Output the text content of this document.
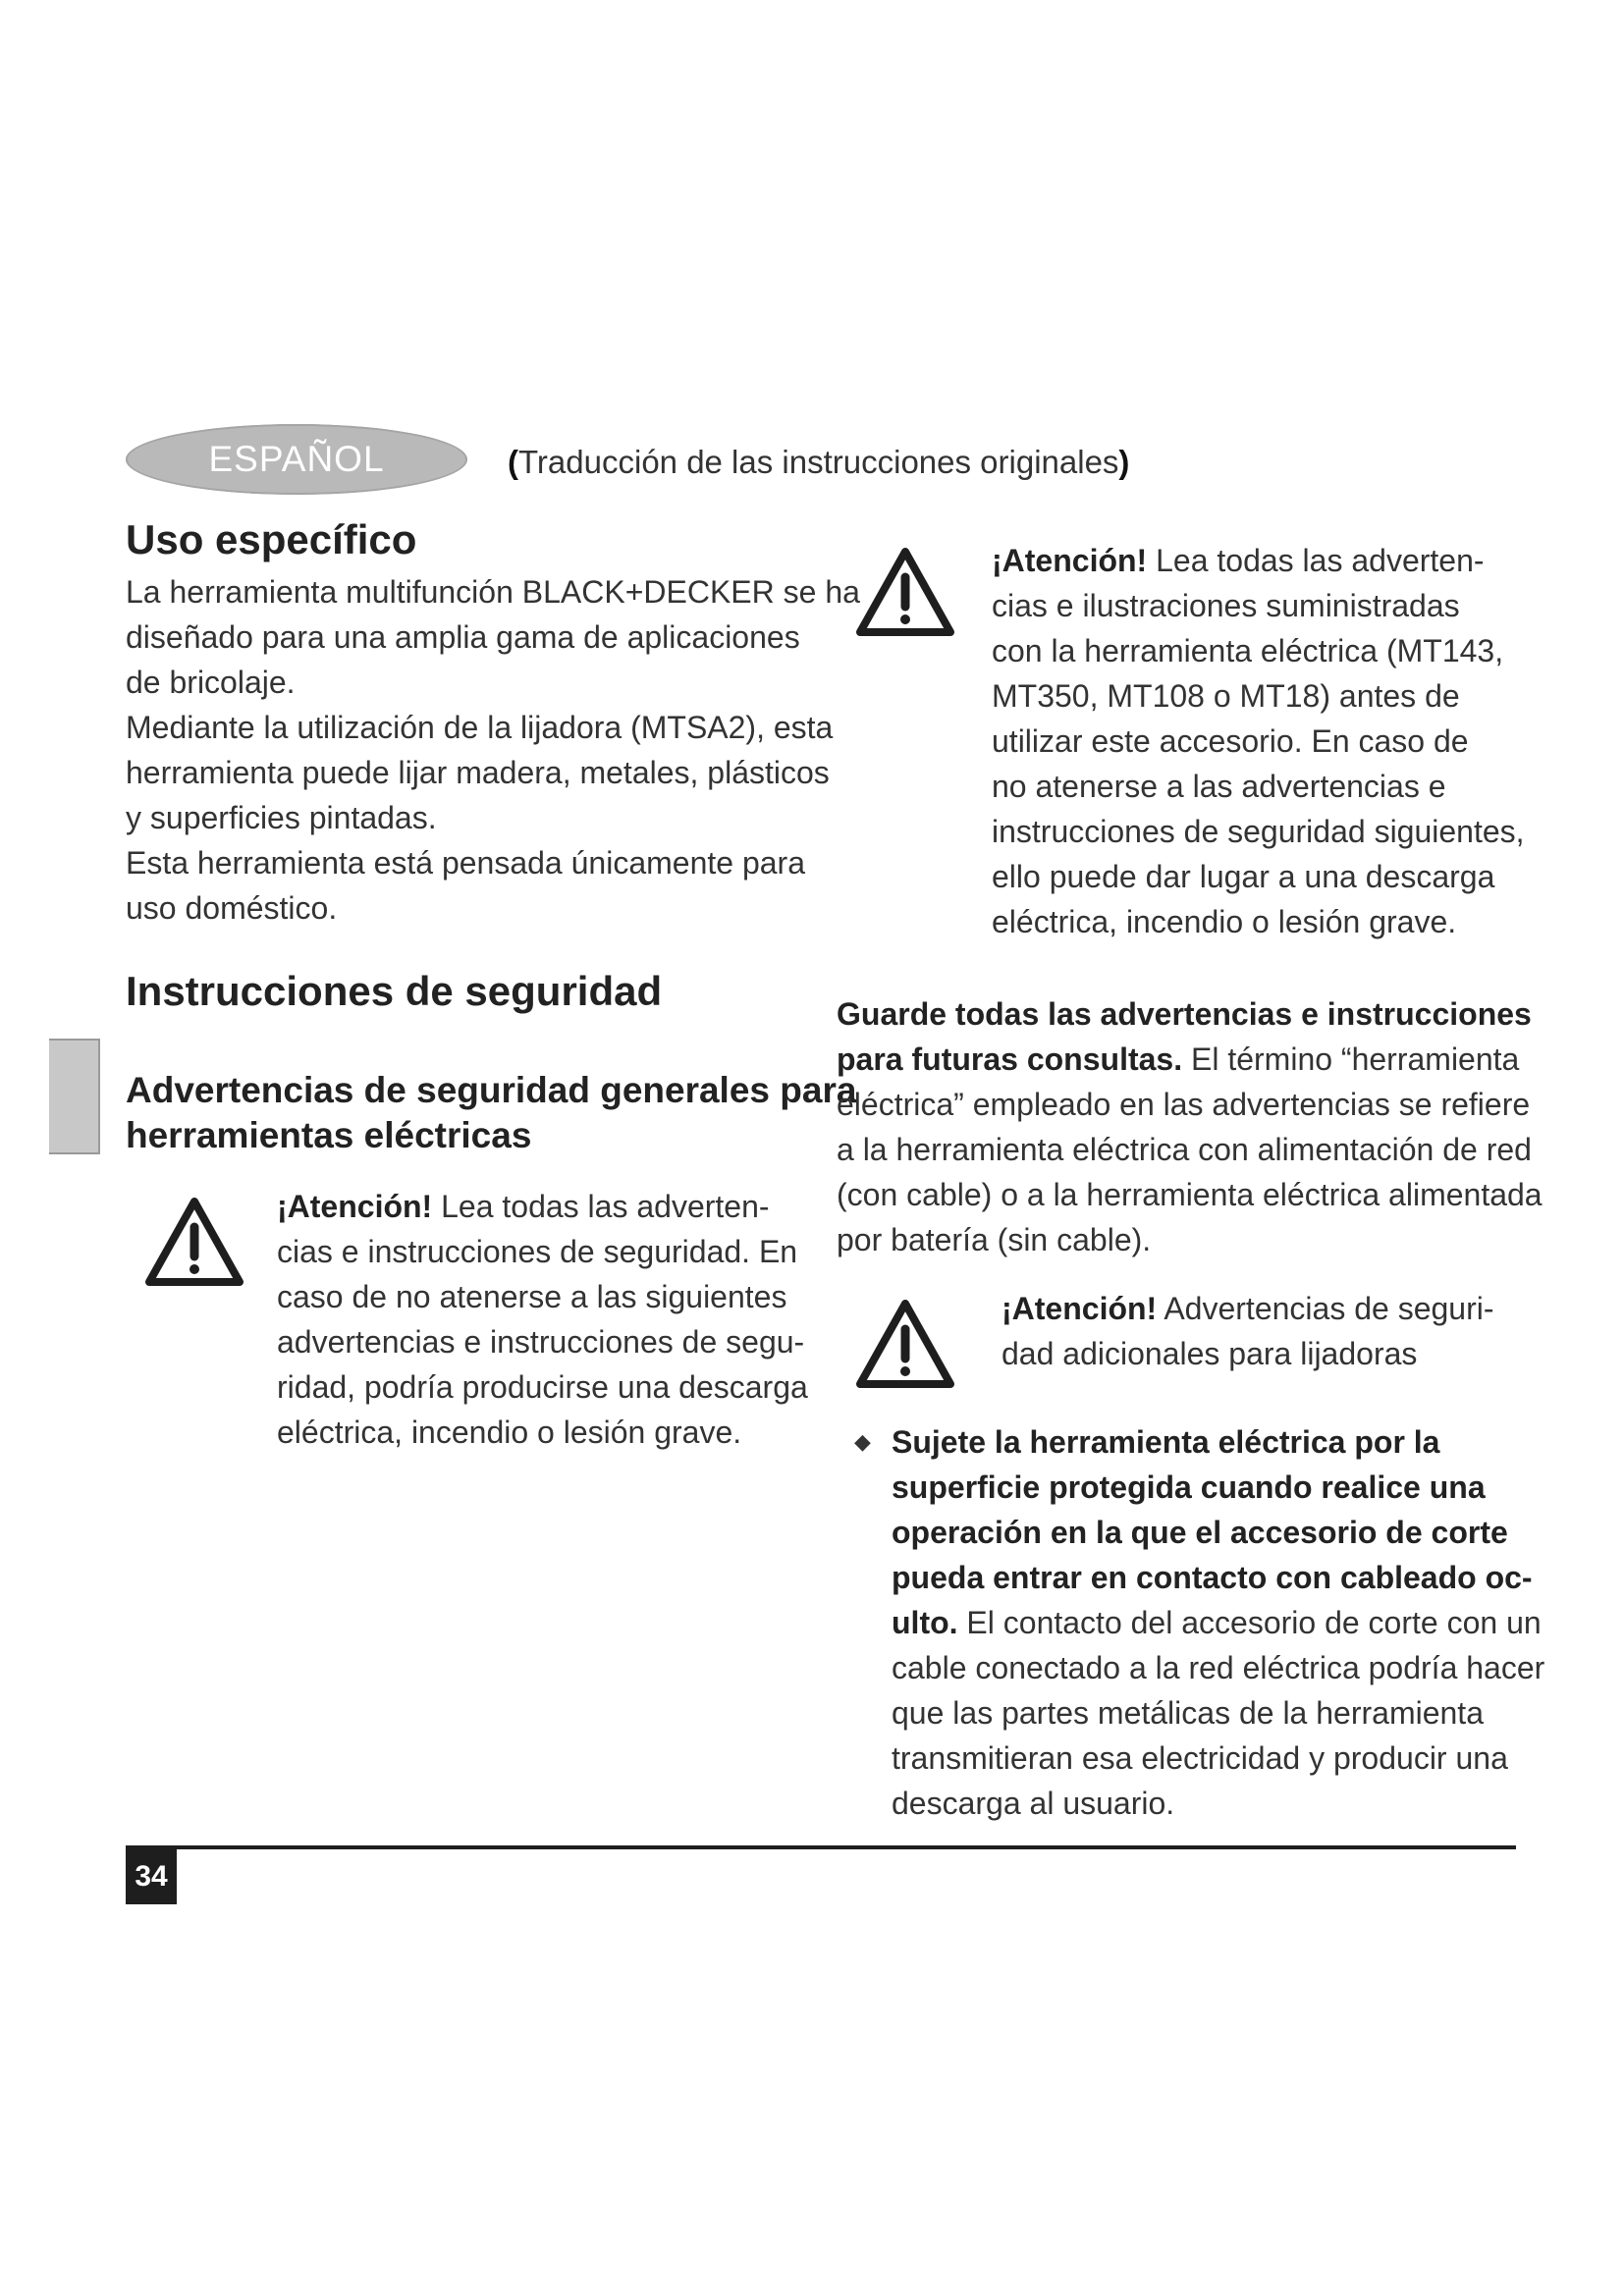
ESPAÑOL	(Traducción de las instrucciones originales)
Uso específico
La herramienta multifunción BLACK+DECKER se ha
diseñado para una amplia gama de aplicaciones
de bricolaje.
Mediante la utilización de la lijadora (MTSA2), esta
herramienta puede lijar madera, metales, plásticos
y superficies pintadas.
Esta herramienta está pensada únicamente para
uso doméstico.
Instrucciones de seguridad
Advertencias de seguridad generales para
herramientas eléctricas
¡Atención! Lea todas las adverten-
cias e instrucciones de seguridad. En
caso de no atenerse a las siguientes
advertencias e instrucciones de segu-
ridad, podría producirse una descarga
eléctrica, incendio o lesión grave.
¡Atención! Lea todas las adverten-
cias e ilustraciones suministradas
con la herramienta eléctrica (MT143,
MT350, MT108 o MT18) antes de
utilizar este accesorio. En caso de
no atenerse a las advertencias e
instrucciones de seguridad siguientes,
ello puede dar lugar a una descarga
eléctrica, incendio o lesión grave.
Guarde todas las advertencias e instrucciones
para futuras consultas. El término “herramienta
eléctrica” empleado en las advertencias se refiere
a la herramienta eléctrica con alimentación de red
(con cable) o a la herramienta eléctrica alimentada
por batería (sin cable).
¡Atención! Advertencias de seguri-
dad adicionales para lijadoras
◆ Sujete la herramienta eléctrica por la
superficie protegida cuando realice una
operación en la que el accesorio de corte
pueda entrar en contacto con cableado oc-
ulto. El contacto del accesorio de corte con un
cable conectado a la red eléctrica podría hacer
que las partes metálicas de la herramienta
transmitieran esa electricidad y producir una
descarga al usuario.
34
